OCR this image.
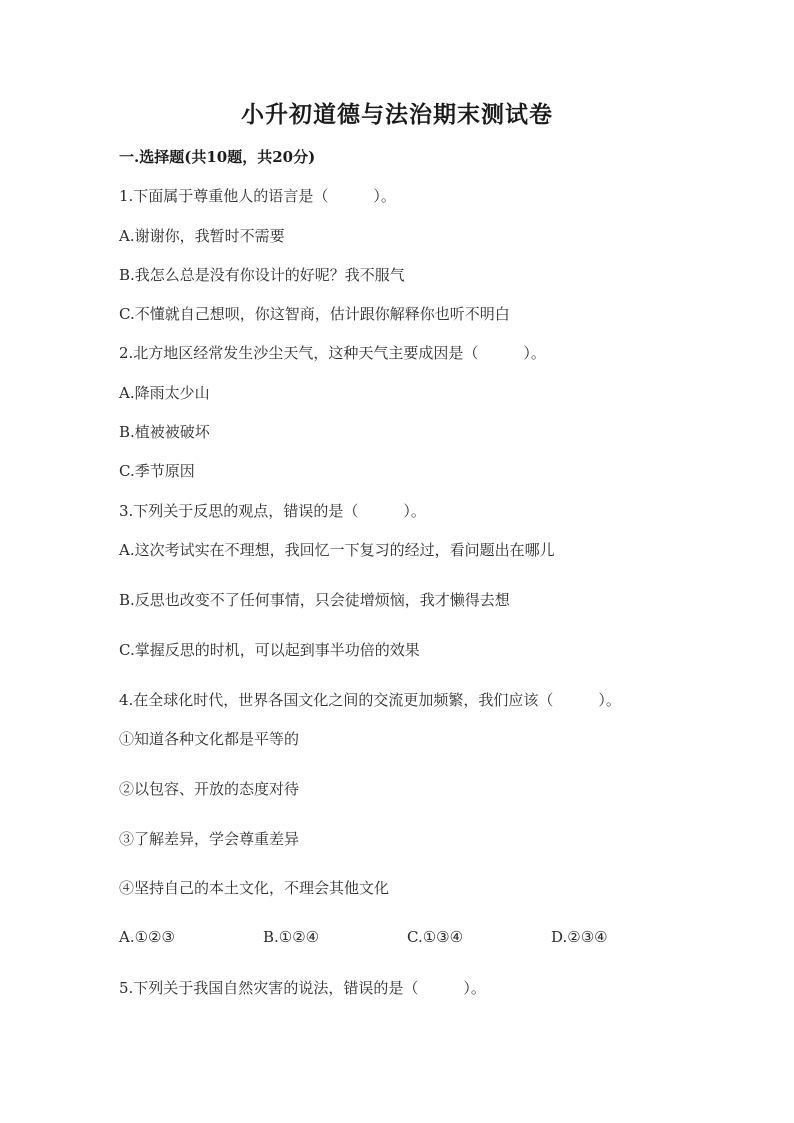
小升初道德与法治期末测试卷
一.选择题(共10题，共20分)
1.下面属于尊重他人的语言是（　　　）。
A.谢谢你，我暂时不需要
B.我怎么总是没有你设计的好呢？我不服气
C.不懂就自己想呗，你这智商，估计跟你解释你也听不明白
2.北方地区经常发生沙尘天气，这种天气主要成因是（　　　）。
A.降雨太少山
B.植被被破坏
C.季节原因
3.下列关于反思的观点，错误的是（　　　）。
A.这次考试实在不理想，我回忆一下复习的经过，看问题出在哪儿
B.反思也改变不了任何事情，只会徒增烦恼，我才懒得去想
C.掌握反思的时机，可以起到事半功倍的效果
4.在全球化时代，世界各国文化之间的交流更加频繁，我们应该（　　　）。
①知道各种文化都是平等的
②以包容、开放的态度对待
③了解差异，学会尊重差异
④坚持自己的本土文化，不理会其他文化
A.①②③	B.①②④	C.①③④	D.②③④
5.下列关于我国自然灾害的说法，错误的是（　　　）。
